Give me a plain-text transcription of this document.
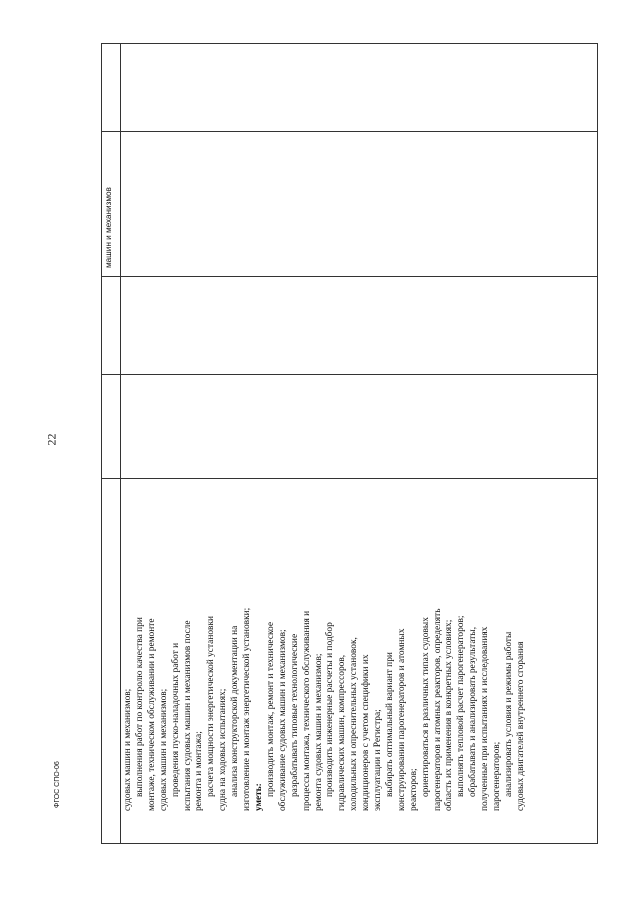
22
ФГОС СПО-06	судовых машин и механизмов; выполнения работ по контролю качества при монтаже, техническом обслуживании и ремонте судовых машин и механизмов; проведения пуско-наладочных работ и испытания судовых машин и механизмов после ремонта и монтажа; расчета мощности энергетической установки судна на ходовых испытаниях; анализа конструкторской документации на изготовление и монтаж энергетической установки; уметь:
производить монтаж, ремонт и техническое обслуживание судовых машин и механизмов; разрабатывать типовые технологические процессы монтажа, технического обслуживания и ремонта судовых машин и механизмов; производить инженерные расчеты и подбор гидравлических машин, компрессоров, холодильных и опреснительных установок, кондиционеров с учетом специфики их эксплуатации и Регистра; выбирать оптимальный вариант при конструировании парогенераторов и атомных реакторов; ориентироваться в различных типах судовых парогенераторов и атомных реакторов, определять область их применения в конкретных условиях; выполнять тепловой расчет парогенераторов; обрабатывать и анализировать результаты, полученные при испытаниях и исследованиях парогенераторов; анализировать условия и режимы работы судовых двигателей внутреннего сгорания
машин и механизмов
